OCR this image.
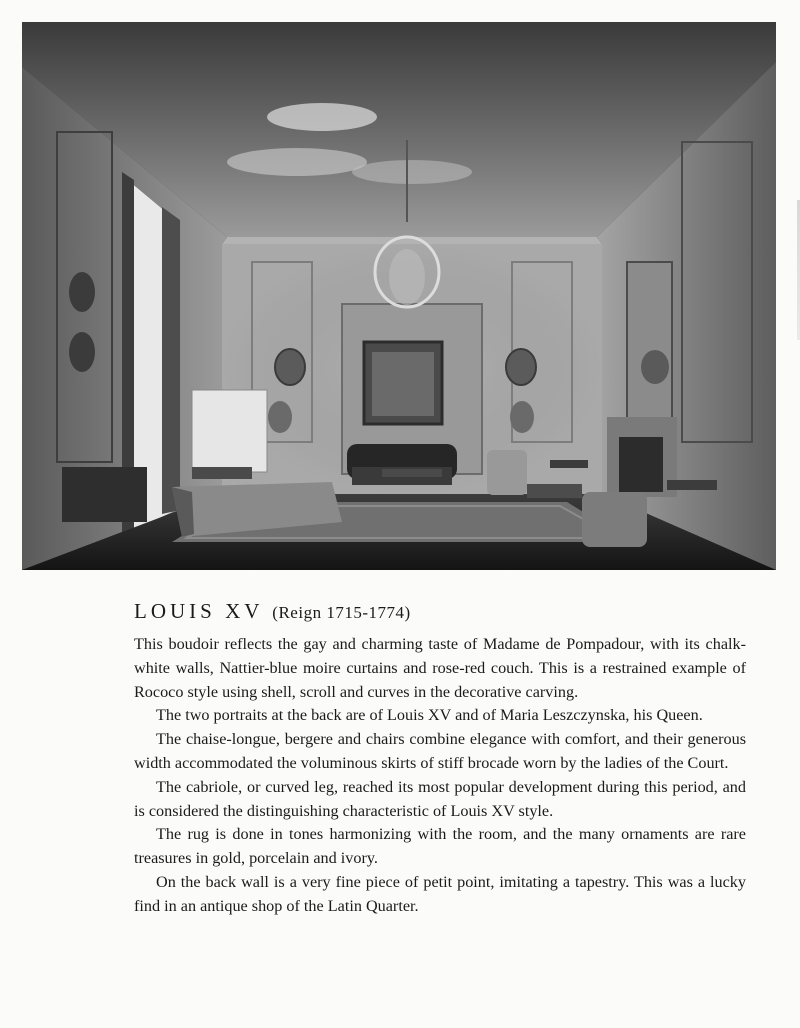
LOUIS XV (Reign 1715-1774)

This boudoir reflects the gay and charming taste of Madame de Pompadour, with its chalk-white walls, Nattier-blue moire curtains and rose-red couch. This is a restrained example of Rococo style using shell, scroll and curves in the decorative carving.

The two portraits at the back are of Louis XV and of Maria Leszczynska, his Queen.

The chaise-longue, bergere and chairs combine elegance with comfort, and their generous width accommodated the voluminous skirts of stiff brocade worn by the ladies of the Court.

The cabriole, or curved leg, reached its most popular development during this period, and is considered the distinguishing characteristic of Louis XV style.

The rug is done in tones harmonizing with the room, and the many ornaments are rare treasures in gold, porcelain and ivory.

On the back wall is a very fine piece of petit point, imitating a tapestry. This was a lucky find in an antique shop of the Latin Quarter.
